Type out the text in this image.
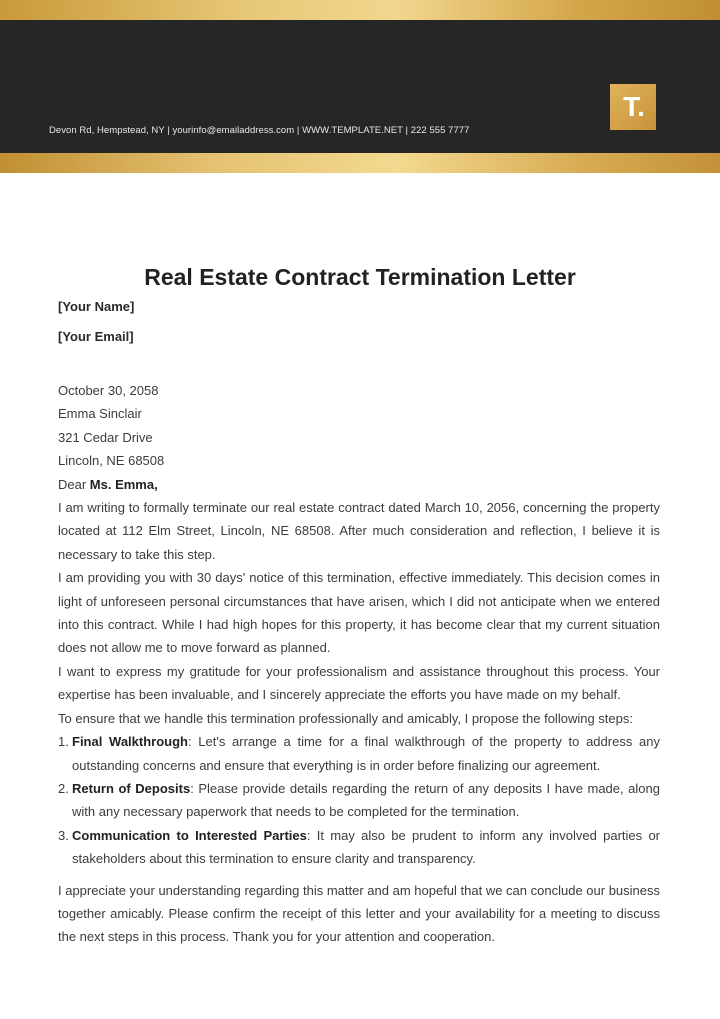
T.
Devon Rd, Hempstead, NY | yourinfo@emailaddress.com | WWW.TEMPLATE.NET | 222 555 7777
Real Estate Contract Termination Letter

[Your Name]

[Your Email]

October 30, 2058

Emma Sinclair

321 Cedar Drive

Lincoln, NE 68508

Dear Ms. Emma,

I am writing to formally terminate our real estate contract dated March 10, 2056, concerning the property located at 112 Elm Street, Lincoln, NE 68508. After much consideration and reflection, I believe it is necessary to take this step.

I am providing you with 30 days' notice of this termination, effective immediately. This decision comes in light of unforeseen personal circumstances that have arisen, which I did not anticipate when we entered into this contract. While I had high hopes for this property, it has become clear that my current situation does not allow me to move forward as planned.

I want to express my gratitude for your professionalism and assistance throughout this process. Your expertise has been invaluable, and I sincerely appreciate the efforts you have made on my behalf.

To ensure that we handle this termination professionally and amicably, I propose the following steps:

1. Final Walkthrough: Let's arrange a time for a final walkthrough of the property to address any outstanding concerns and ensure that everything is in order before finalizing our agreement.
2. Return of Deposits: Please provide details regarding the return of any deposits I have made, along with any necessary paperwork that needs to be completed for the termination.
3. Communication to Interested Parties: It may also be prudent to inform any involved parties or stakeholders about this termination to ensure clarity and transparency.

I appreciate your understanding regarding this matter and am hopeful that we can conclude our business together amicably. Please confirm the receipt of this letter and your availability for a meeting to discuss the next steps in this process. Thank you for your attention and cooperation.
